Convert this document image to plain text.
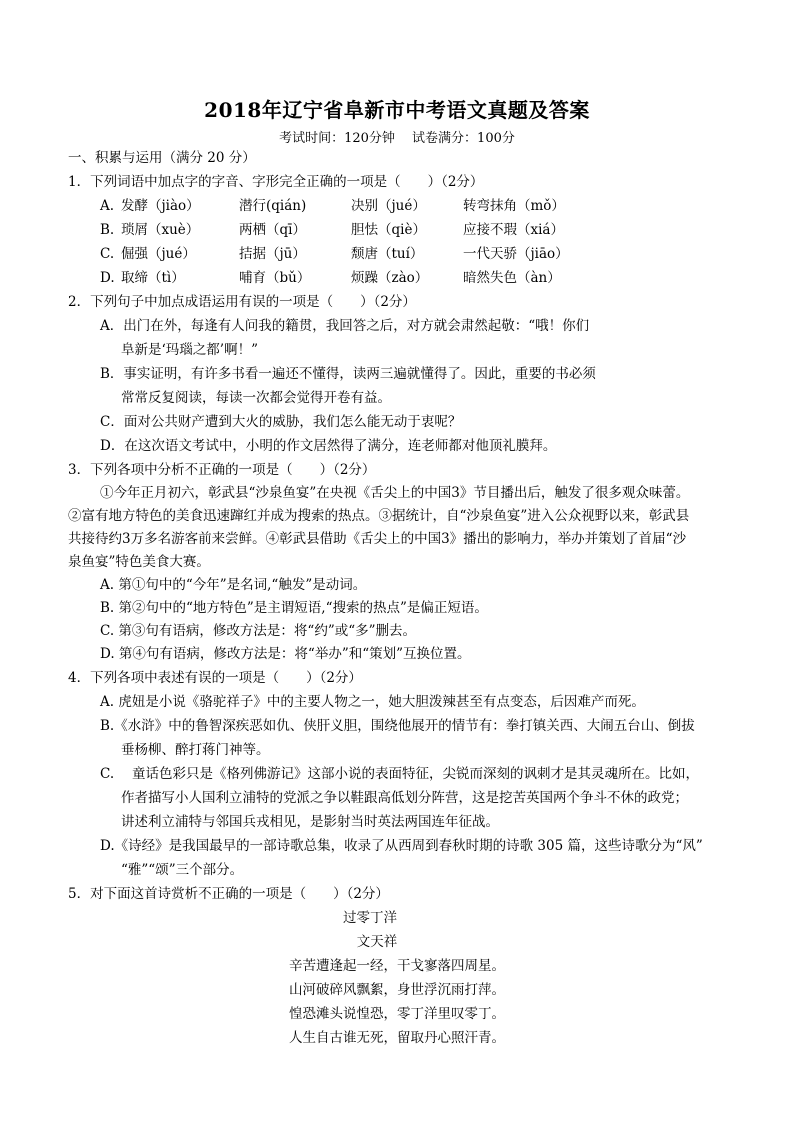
2018年辽宁省阜新市中考语文真题及答案
考试时间：120分钟　 试卷满分：100分
一、积累与运用（满分 20 分）
1．下列词语中加点字的字音、字形完全正确的一项是（　　）（2分）
A. 发酵（jiào）	潜行(qián)	决别（jué）	转弯抹角（mǒ）
B. 琐屑（xuè）	两栖（qī）	胆怯（qiè）	应接不瑕（xiá）
C. 倔强（jué）	拮据（jū）	颓唐（tuí）	一代天骄（jiāo）
D. 取缔（tì）	哺育（bǔ）	烦躁（zào）	暗然失色（àn）
2．下列句子中加点成语运用有误的一项是（　　）（2分）
A．出门在外，每逢有人问我的籍贯，我回答之后，对方就会肃然起敬：“哦！你们
阜新是‘玛瑙之都’啊！”
B．事实证明，有许多书看一遍还不懂得，读两三遍就懂得了。因此，重要的书必须
常常反复阅读，每读一次都会觉得开卷有益。
C．面对公共财产遭到大火的威胁，我们怎么能无动于衷呢？
D．在这次语文考试中，小明的作文居然得了满分，连老师都对他顶礼膜拜。
3．下列各项中分析不正确的一项是（　　）（2分）
①今年正月初六，彰武县“沙泉鱼宴”在央视《舌尖上的中国3》节目播出后，触发了很多观众味蕾。
②富有地方特色的美食迅速蹿红并成为搜索的热点。③据统计，自“沙泉鱼宴”进入公众视野以来，彰武县
共接待约3万多名游客前来尝鲜。④彰武县借助《舌尖上的中国3》播出的影响力，举办并策划了首届“沙
泉鱼宴”特色美食大赛。
A. 第①句中的“今年”是名词,“触发”是动词。
B. 第②句中的“地方特色”是主谓短语,“搜索的热点”是偏正短语。
C. 第③句有语病，修改方法是：将“约”或“多”删去。
D. 第④句有语病，修改方法是：将“举办”和“策划”互换位置。
4．下列各项中表述有误的一项是（　　）（2分）
A. 虎妞是小说《骆驼祥子》中的主要人物之一，她大胆泼辣甚至有点变态，后因难产而死。
B.《水浒》中的鲁智深疾恶如仇、侠肝义胆，围绕他展开的情节有：拳打镇关西、大闹五台山、倒拔
垂杨柳、醉打蒋门神等。
C. 童话色彩只是《格列佛游记》这部小说的表面特征，尖锐而深刻的讽刺才是其灵魂所在。比如，
作者描写小人国利立浦特的党派之争以鞋跟高低划分阵营，这是挖苦英国两个争斗不休的政党；
讲述利立浦特与邻国兵戎相见，是影射当时英法两国连年征战。
D.《诗经》是我国最早的一部诗歌总集，收录了从西周到春秋时期的诗歌 305 篇，这些诗歌分为“风”
“雅”“颂”三个部分。
5．对下面这首诗赏析不正确的一项是（　　）（2分）
过零丁洋
文天祥
辛苦遭逢起一经，干戈寥落四周星。
山河破碎风飘絮，身世浮沉雨打萍。
惶恐滩头说惶恐，零丁洋里叹零丁。
人生自古谁无死，留取丹心照汗青。
